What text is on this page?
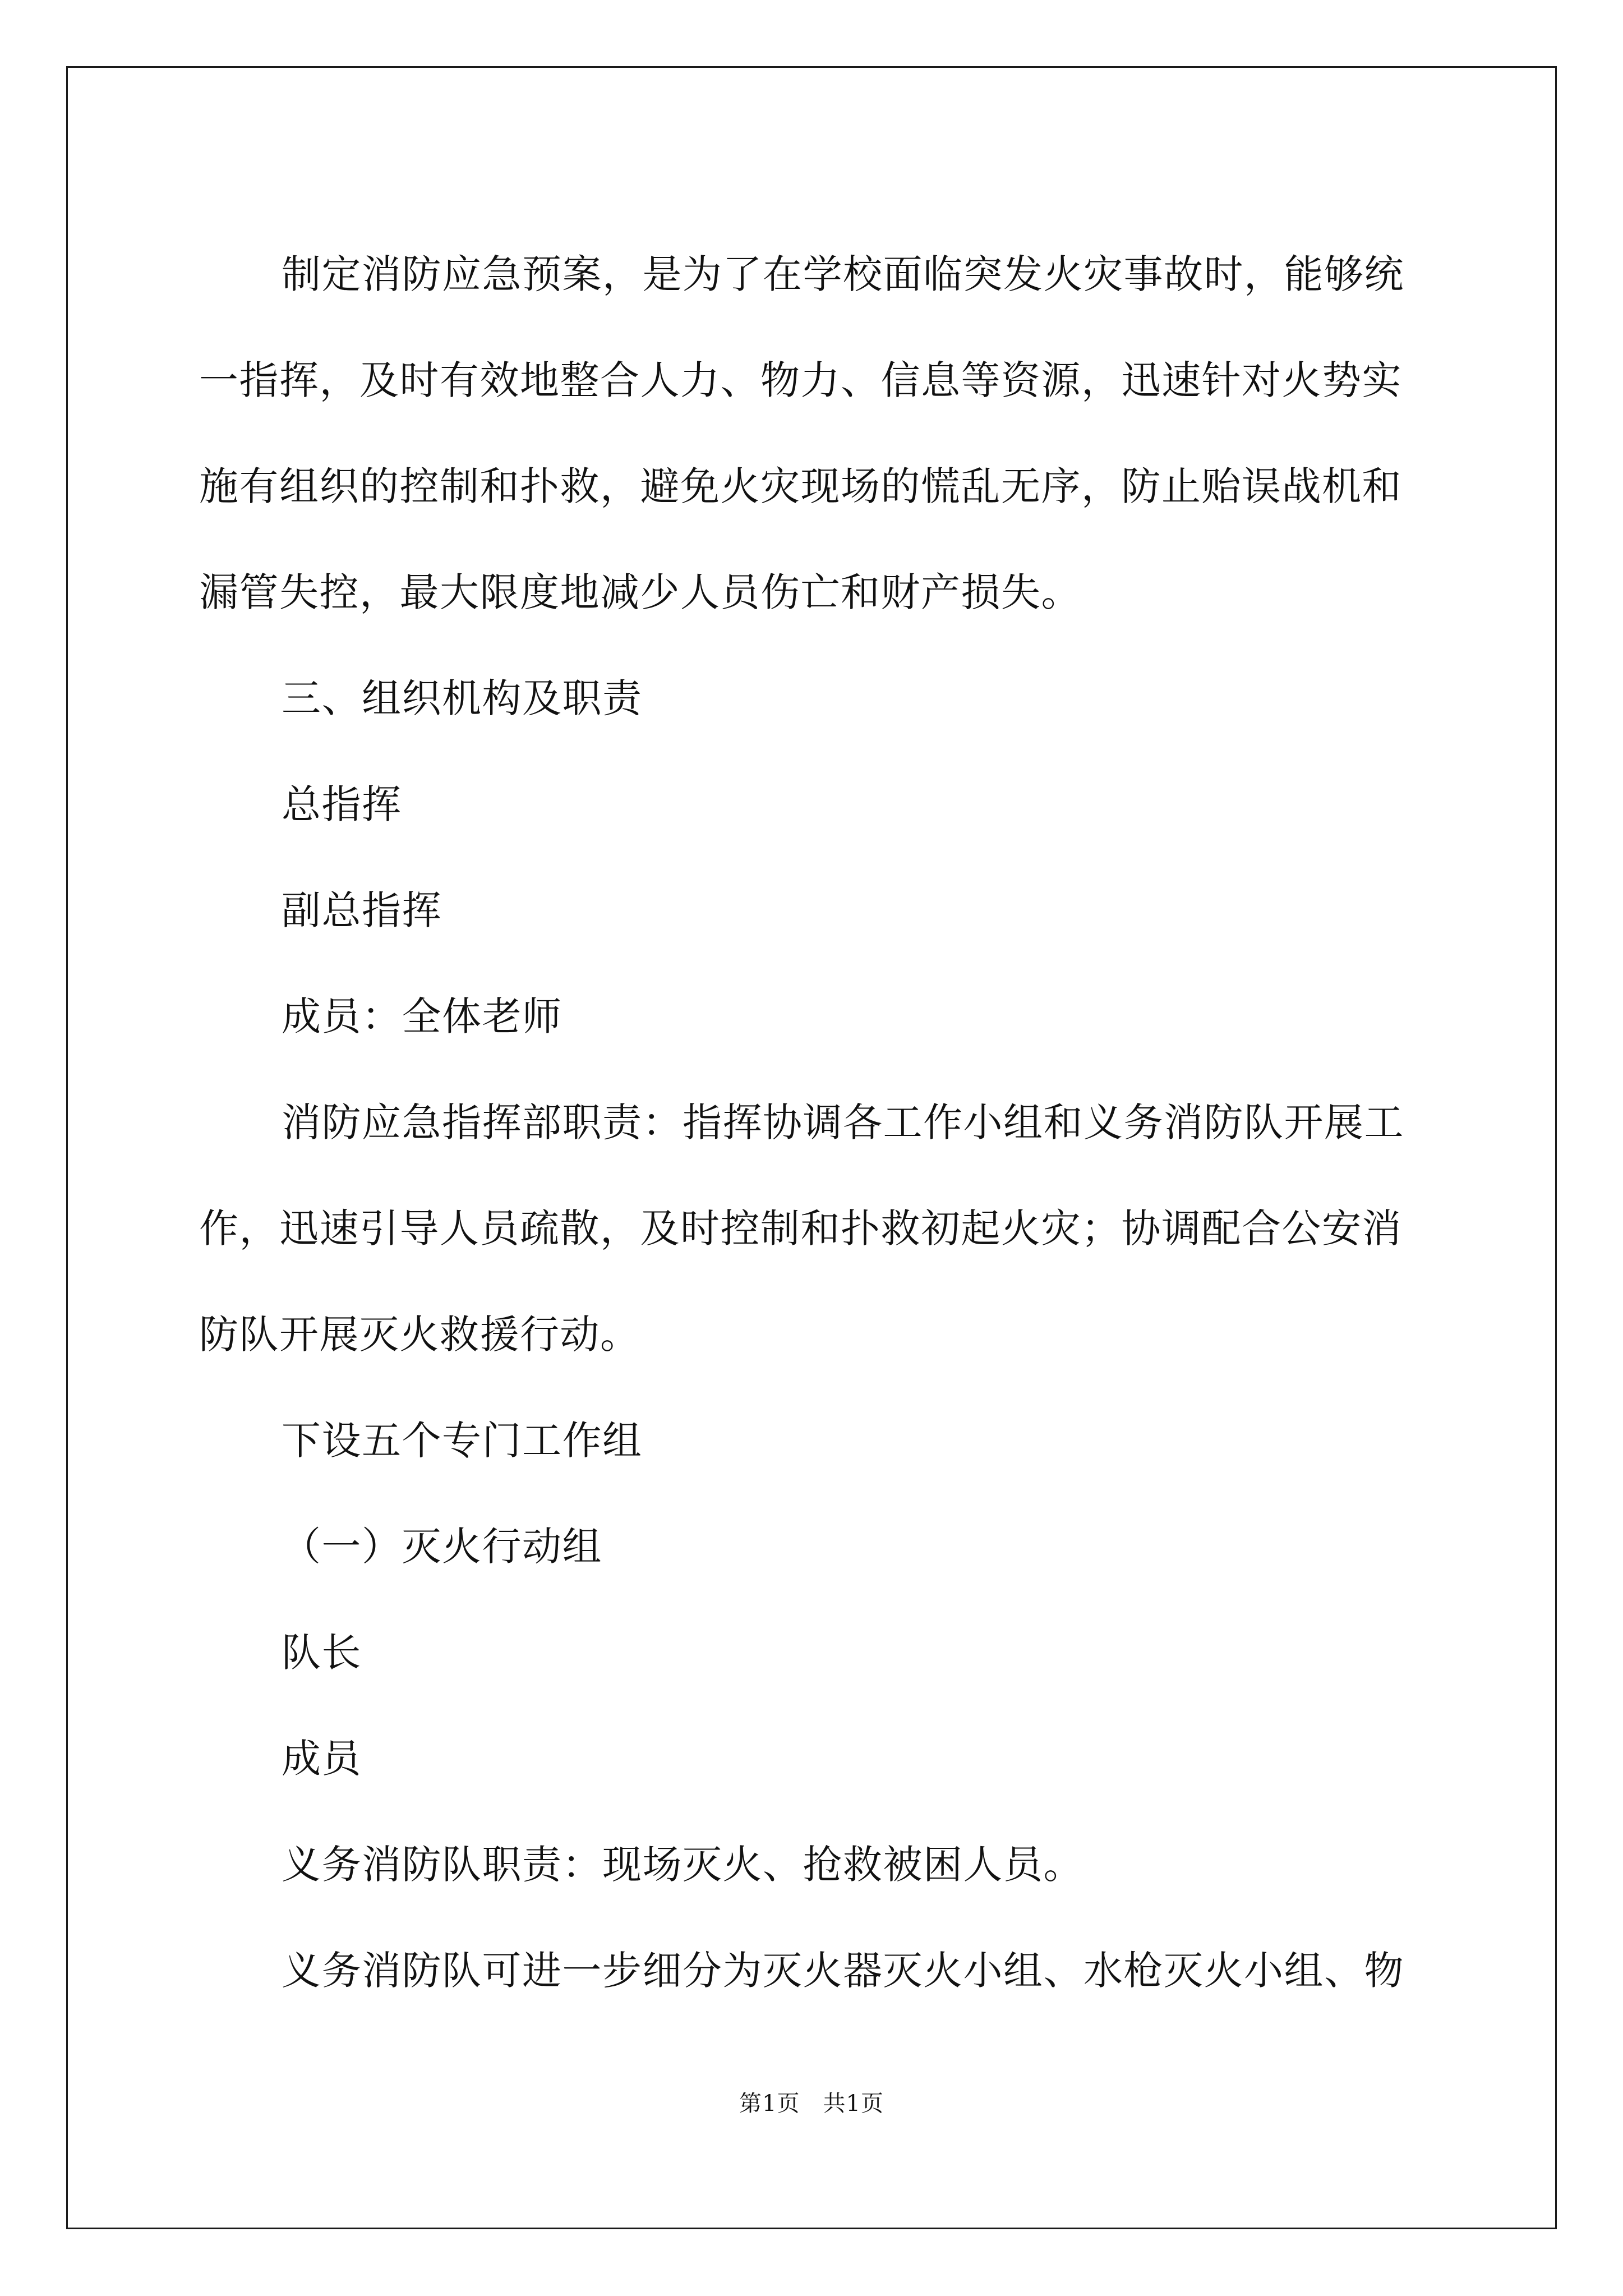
制定消防应急预案，是为了在学校面临突发火灾事故时，能够统

一指挥，及时有效地整合人力、物力、信息等资源，迅速针对火势实

施有组织的控制和扑救，避免火灾现场的慌乱无序，防止贻误战机和

漏管失控，最大限度地减少人员伤亡和财产损失。

三、组织机构及职责

总指挥

副总指挥

成员：全体老师

消防应急指挥部职责：指挥协调各工作小组和义务消防队开展工

作，迅速引导人员疏散，及时控制和扑救初起火灾；协调配合公安消

防队开展灭火救援行动。

下设五个专门工作组

（一）灭火行动组

队长

成员

义务消防队职责：现场灭火、抢救被困人员。

义务消防队可进一步细分为灭火器灭火小组、水枪灭火小组、物

第1页　共1页
